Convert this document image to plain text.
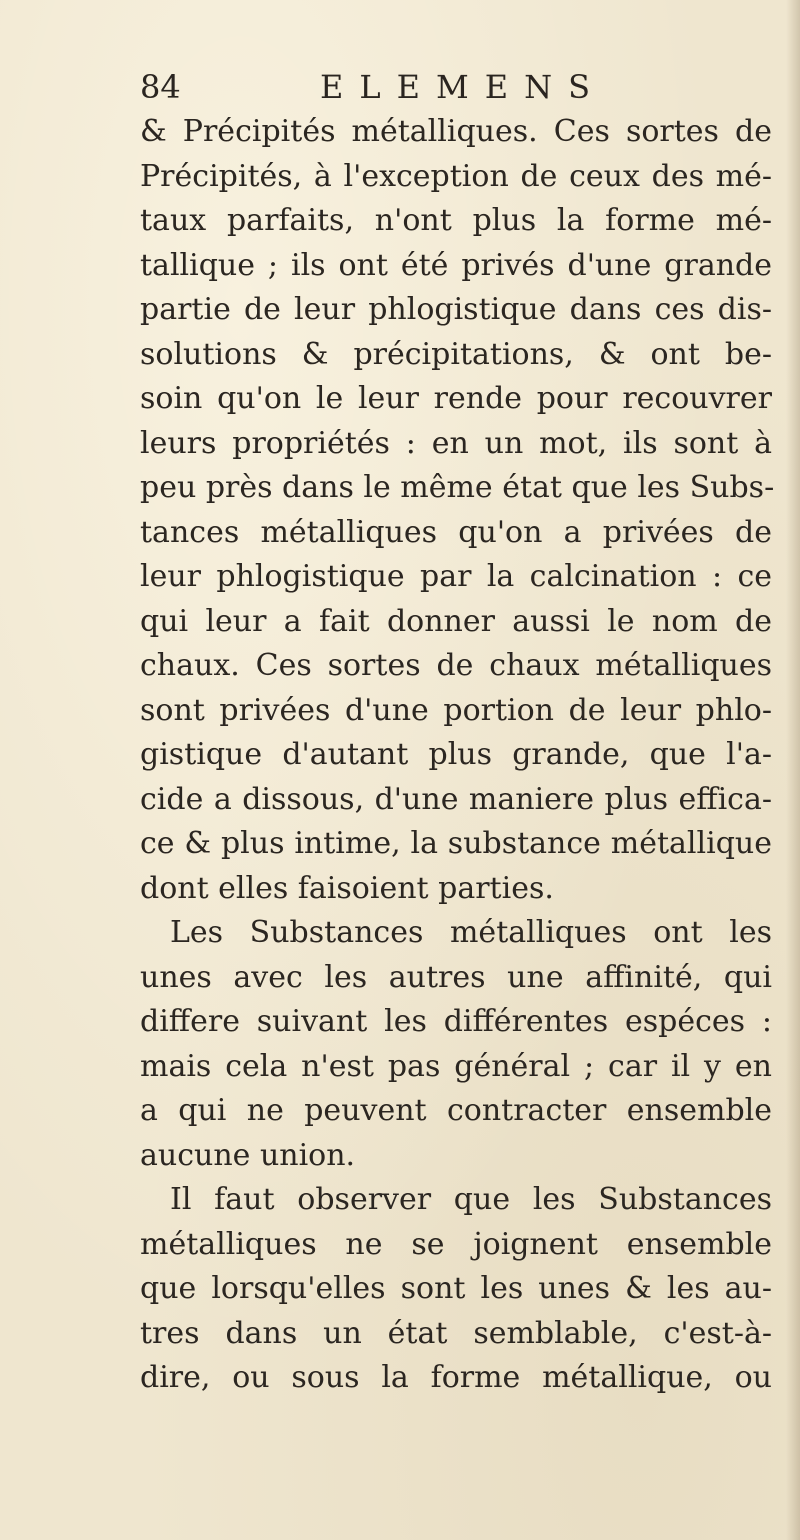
84	ELEMENS
& Précipités métalliques. Ces sortes de
Précipités, à l'exception de ceux des mé-
taux parfaits, n'ont plus la forme mé-
tallique ; ils ont été privés d'une grande
partie de leur phlogistique dans ces dis-
solutions & précipitations, & ont be-
soin qu'on le leur rende pour recouvrer
leurs propriétés : en un mot, ils sont à
peu près dans le même état que les Subs-
tances métalliques qu'on a privées de
leur phlogistique par la calcination : ce
qui leur a fait donner aussi le nom de
chaux. Ces sortes de chaux métalliques
sont privées d'une portion de leur phlo-
gistique d'autant plus grande, que l'a-
cide a dissous, d'une maniere plus effica-
ce & plus intime, la substance métallique
dont elles faisoient parties.
Les Substances métalliques ont les
unes avec les autres une affinité, qui
differe suivant les différentes espéces :
mais cela n'est pas général ; car il y en
a qui ne peuvent contracter ensemble
aucune union.
Il faut observer que les Substances
métalliques ne se joignent ensemble
que lorsqu'elles sont les unes & les au-
tres dans un état semblable, c'est-à-
dire, ou sous la forme métallique, ou
